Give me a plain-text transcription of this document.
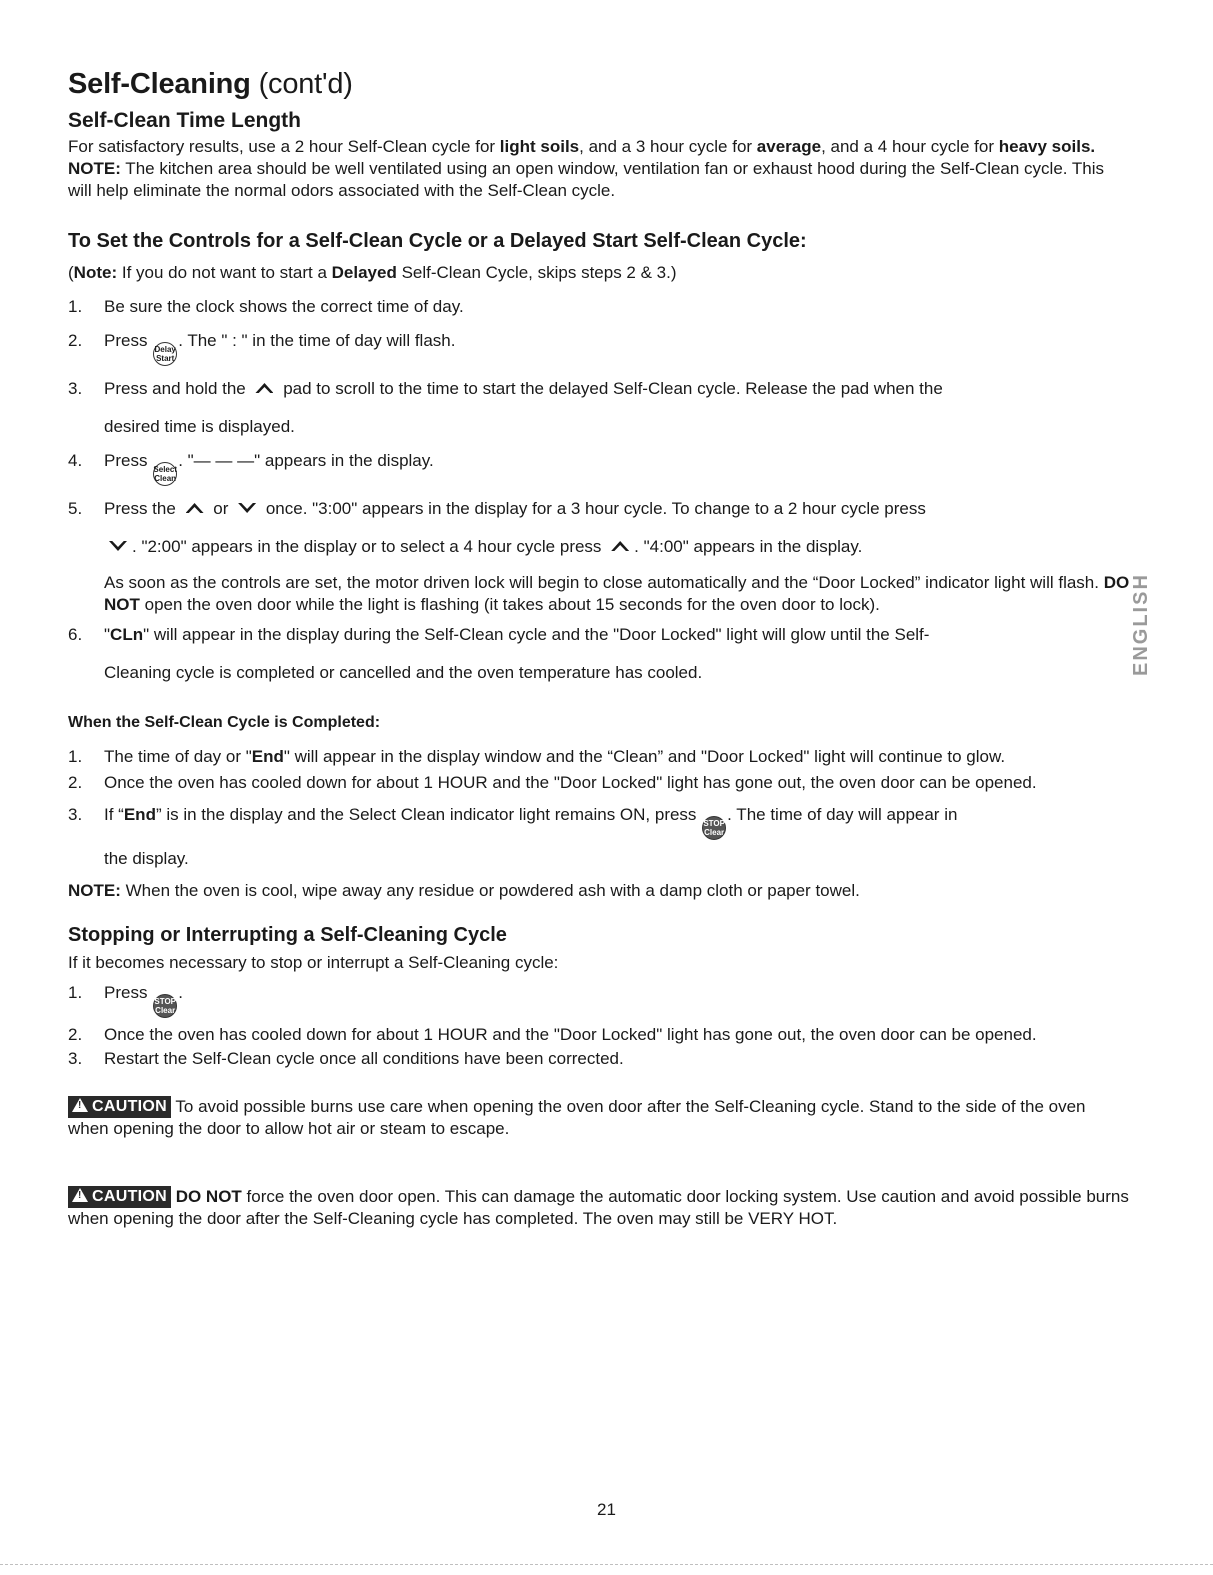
Self-Cleaning (cont'd)
Self-Clean Time Length

For satisfactory results, use a 2 hour Self-Clean cycle for light soils, and a 3 hour cycle for average, and a 4 hour cycle for heavy soils. NOTE: The kitchen area should be well ventilated using an open window, ventilation fan or exhaust hood during the Self-Clean cycle. This will help eliminate the normal odors associated with the Self-Clean cycle.

To Set the Controls for a Self-Clean Cycle or a Delayed Start Self-Clean Cycle:

(Note: If you do not want to start a Delayed Self-Clean Cycle, skips steps 2 & 3.)

1. Be sure the clock shows the correct time of day.
2. Press Delay
Start
. The " : " in the time of day will flash.
3. Press and hold the  pad to scroll to the time to start the delayed Self-Clean cycle. Release the pad when the
desired time is displayed.
4. Press Select
Clean
. "— — —" appears in the display.
5. Press the  or  once. "3:00" appears in the display for a 3 hour cycle. To change to a 2 hour cycle press
. "2:00" appears in the display or to select a 4 hour cycle press . "4:00" appears in the display.
As soon as the controls are set, the motor driven lock will begin to close automatically and the “Door Locked” indicator light will flash. DO NOT open the oven door while the light is flashing (it takes about 15 seconds for the oven door to lock).
6. "CLn" will appear in the display during the Self-Clean cycle and the "Door Locked" light will glow until the Self-
Cleaning cycle is completed or cancelled and the oven temperature has cooled.
When the Self-Clean Cycle is Completed:
1. The time of day or "End" will appear in the display window and the “Clean” and "Door Locked" light will continue to glow.
2. Once the oven has cooled down for about 1 HOUR and the "Door Locked" light has gone out, the oven door can be opened.
3. If “End” is in the display and the Select Clean indicator light remains ON, press STOP
Clear
. The time of day will appear in
the display.

NOTE: When the oven is cool, wipe away any residue or powdered ash with a damp cloth or paper towel.

Stopping or Interrupting a Self-Cleaning Cycle

If it becomes necessary to stop or interrupt a Self-Cleaning cycle:

1. Press STOP
Clear
.
2. Once the oven has cooled down for about 1 HOUR and the "Door Locked" light has gone out, the oven door can be opened.
3. Restart the Self-Clean cycle once all conditions have been corrected.

!CAUTION To avoid possible burns use care when opening the oven door after the Self-Cleaning cycle. Stand to the side of the oven when opening the door to allow hot air or steam to escape.

!CAUTION DO NOT force the oven door open. This can damage the automatic door locking system. Use caution and avoid possible burns when opening the door after the Self-Cleaning cycle has completed. The oven may still be VERY HOT.

ENGLISH
21
